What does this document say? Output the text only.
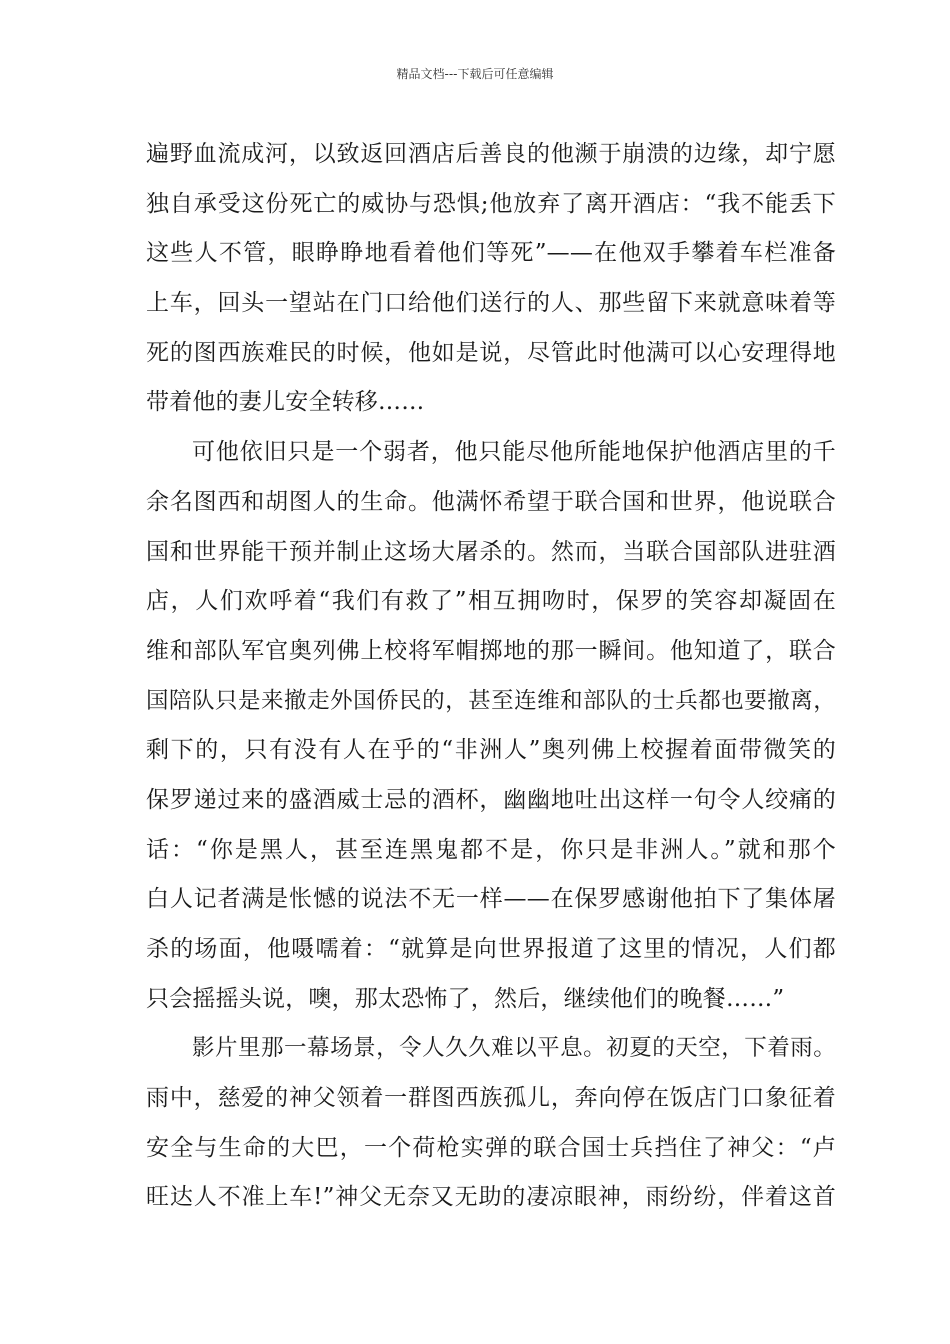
精品文档---下载后可任意编辑
遍野血流成河，以致返回酒店后善良的他濒于崩溃的边缘，却宁愿
独自承受这份死亡的威协与恐惧;他放弃了离开酒店：“我不能丢下
这些人不管，眼睁睁地看着他们等死”——在他双手攀着车栏准备
上车，回头一望站在门口给他们送行的人、那些留下来就意味着等
死的图西族难民的时候，他如是说，尽管此时他满可以心安理得地
带着他的妻儿安全转移……
可他依旧只是一个弱者，他只能尽他所能地保护他酒店里的千
余名图西和胡图人的生命。他满怀希望于联合国和世界，他说联合
国和世界能干预并制止这场大屠杀的。然而，当联合国部队进驻酒
店，人们欢呼着“我们有救了”相互拥吻时，保罗的笑容却凝固在
维和部队军官奥列佛上校将军帽掷地的那一瞬间。他知道了，联合
国陪队只是来撤走外国侨民的，甚至连维和部队的士兵都也要撤离，
剩下的，只有没有人在乎的“非洲人”奥列佛上校握着面带微笑的
保罗递过来的盛酒威士忌的酒杯，幽幽地吐出这样一句令人绞痛的
话：“你是黑人，甚至连黑鬼都不是，你只是非洲人。”就和那个
白人记者满是怅憾的说法不无一样——在保罗感谢他拍下了集体屠
杀的场面，他嗫嚅着：“就算是向世界报道了这里的情况，人们都
只会摇摇头说，噢，那太恐怖了，然后，继续他们的晚餐……”
影片里那一幕场景，令人久久难以平息。初夏的天空，下着雨。
雨中，慈爱的神父领着一群图西族孤儿，奔向停在饭店门口象征着
安全与生命的大巴，一个荷枪实弹的联合国士兵挡住了神父：“卢
旺达人不准上车!”神父无奈又无助的凄凉眼神，雨纷纷，伴着这首
